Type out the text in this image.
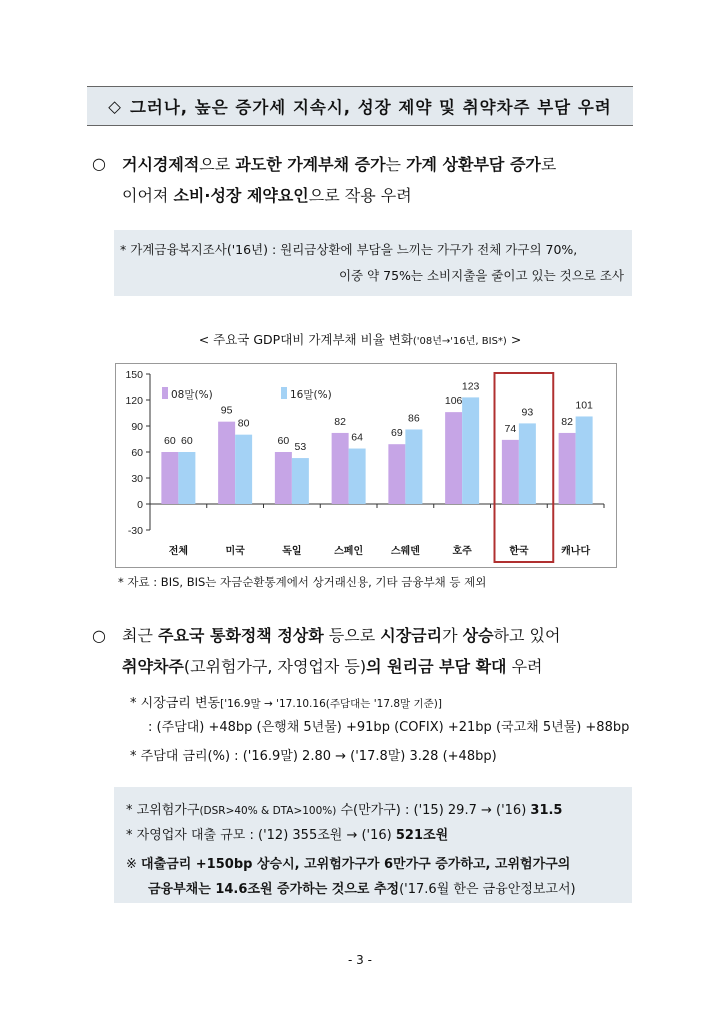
◇ 그러나, 높은 증가세 지속시, 성장 제약 및 취약차주 부담 우려
○ 거시경제적으로 과도한 가계부채 증가는 가계 상환부담 증가로
이어져 소비·성장 제약요인으로 작용 우려
* 가계금융복지조사('16년) : 원리금상환에 부담을 느끼는 가구가 전체 가구의 70%,
이중 약 75%는 소비지출을 줄이고 있는 것으로 조사
< 주요국 GDP대비 가계부채 비율 변화('08년→'16년, BIS*) >
150
120
90
60
30
0
-30
전체
60 60
미국
95
80
독일
60
53
스페인
82
64
스웨덴
69
86
호주
106
123
한국
74
93
캐나다
82
101
08말(%)	16말(%)
* 자료 : BIS, BIS는 자금순환통계에서 상거래신용, 기타 금융부채 등 제외
○ 최근 주요국 통화정책 정상화 등으로 시장금리가 상승하고 있어
취약차주(고위험가구, 자영업자 등)의 원리금 부담 확대 우려
* 시장금리 변동['16.9말 → '17.10.16(주담대는 '17.8말 기준)]
: (주담대) +48bp (은행채 5년물) +91bp (COFIX) +21bp (국고채 5년물) +88bp
* 주담대 금리(%) : ('16.9말) 2.80 → ('17.8말) 3.28 (+48bp)
* 고위험가구(DSR>40% & DTA>100%) 수(만가구) : ('15) 29.7 → ('16) 31.5
* 자영업자 대출 규모 : ('12) 355조원 → ('16) 521조원
※ 대출금리 +150bp 상승시, 고위험가구가 6만가구 증가하고, 고위험가구의
금융부채는 14.6조원 증가하는 것으로 추정('17.6월 한은 금융안정보고서)
- 3 -
